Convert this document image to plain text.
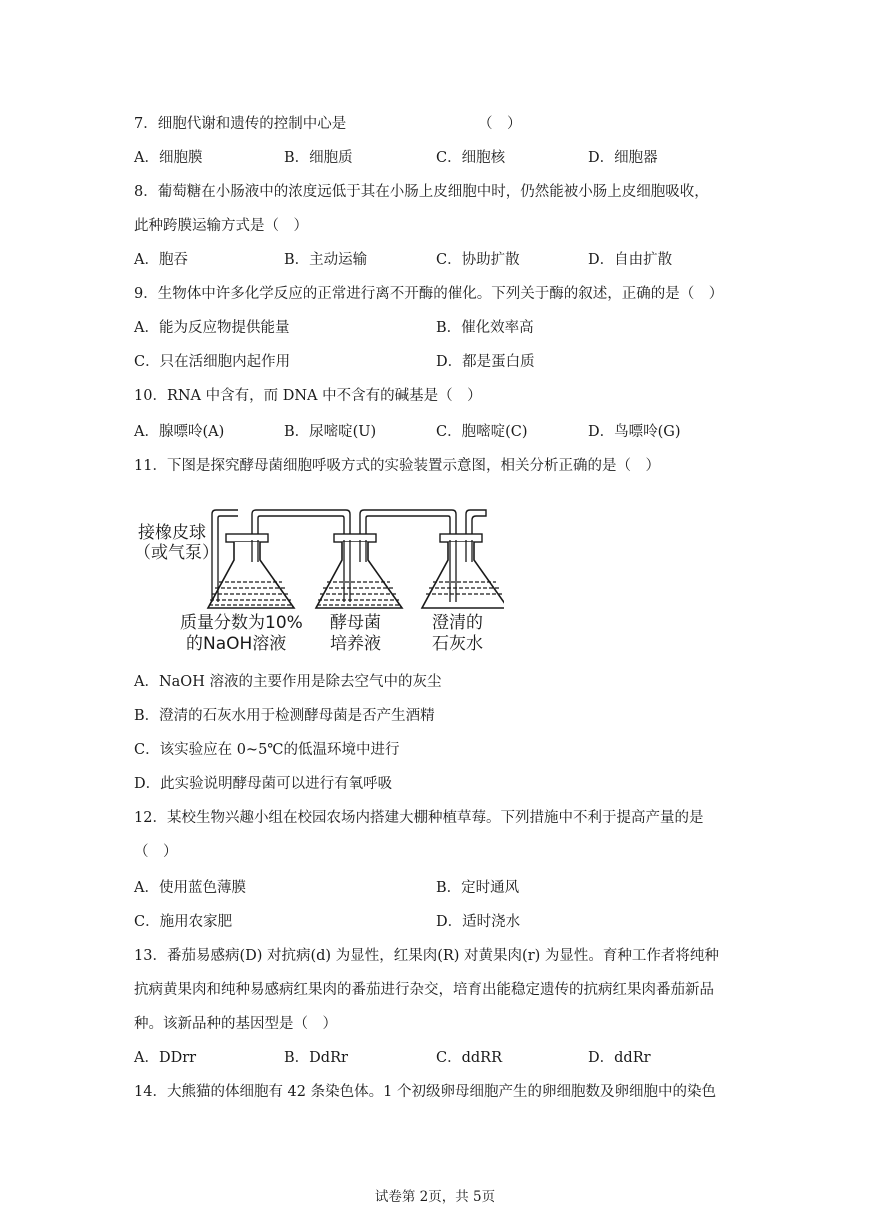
7．细胞代谢和遗传的控制中心是	（　）
A．细胞膜	B．细胞质	C．细胞核	D．细胞器
8．葡萄糖在小肠液中的浓度远低于其在小肠上皮细胞中时，仍然能被小肠上皮细胞吸收，
此种跨膜运输方式是（　）
A．胞吞	B．主动运输	C．协助扩散	D．自由扩散
9．生物体中许多化学反应的正常进行离不开酶的催化。下列关于酶的叙述，正确的是（　）
A．能为反应物提供能量	B．催化效率高
C．只在活细胞内起作用	D．都是蛋白质
10．RNA 中含有，而 DNA 中不含有的碱基是（　）
A．腺嘌呤(A)	B．尿嘧啶(U)	C．胞嘧啶(C)	D．鸟嘌呤(G)
11．下图是探究酵母菌细胞呼吸方式的实验装置示意图，相关分析正确的是（　）
接橡皮球
（或气泵）
质量分数为10%
的NaOH溶液
酵母菌
培养液
澄清的
石灰水
A．NaOH 溶液的主要作用是除去空气中的灰尘
B．澄清的石灰水用于检测酵母菌是否产生酒精
C．该实验应在 0~5℃的低温环境中进行
D．此实验说明酵母菌可以进行有氧呼吸
12．某校生物兴趣小组在校园农场内搭建大棚种植草莓。下列措施中不利于提高产量的是
（　）
A．使用蓝色薄膜	B．定时通风
C．施用农家肥	D．适时浇水
13．番茄易感病(D) 对抗病(d) 为显性，红果肉(R) 对黄果肉(r) 为显性。育种工作者将纯种
抗病黄果肉和纯种易感病红果肉的番茄进行杂交，培育出能稳定遗传的抗病红果肉番茄新品
种。该新品种的基因型是（　）
A．DDrr	B．DdRr	C．ddRR	D．ddRr
14．大熊猫的体细胞有 42 条染色体。1 个初级卵母细胞产生的卵细胞数及卵细胞中的染色
试卷第 2页，共 5页
